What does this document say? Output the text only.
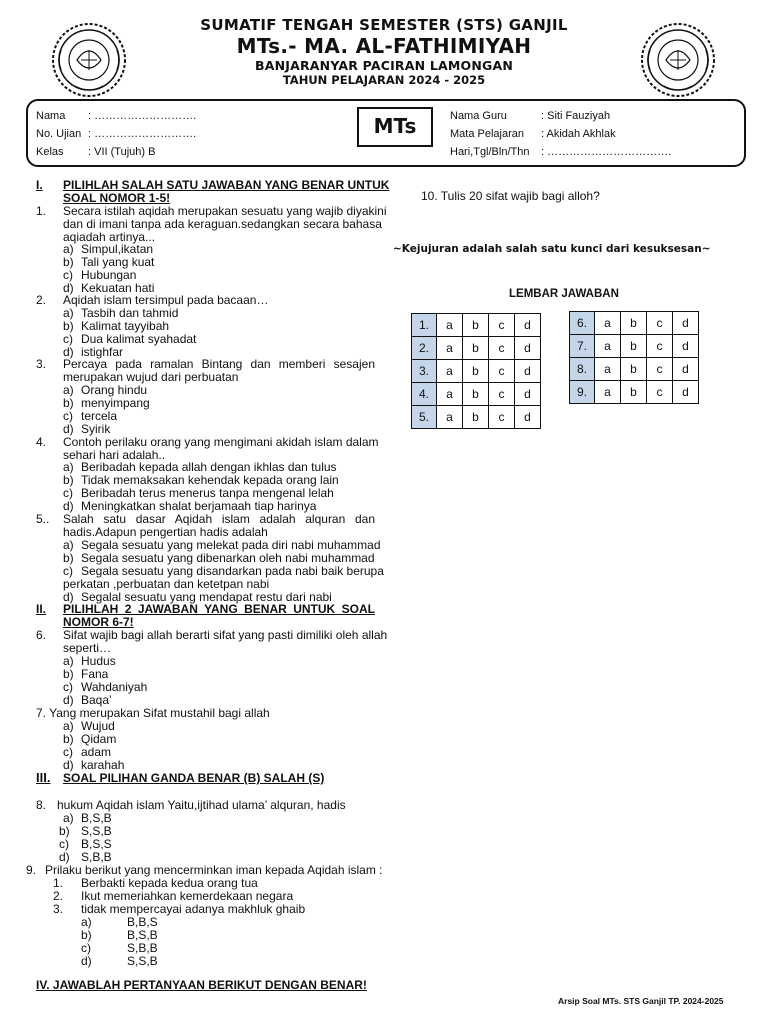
SUMATIF TENGAH SEMESTER (STS) GANJIL
MTs.- MA. AL-FATHIMIYAH
BANJARANYAR PACIRAN LAMONGAN
TAHUN PELAJARAN 2024 - 2025
Nama : ……………………….
No. Ujian : ……………………….
Kelas : VII (Tujuh) B
MTs	Nama Guru	: Siti Fauziyah
Mata Pelajaran : Akidah Akhlak
Hari,Tgl/Bln/Thn : …………………………….
I. PILIHLAH SALAH SATU JAWABAN YANG BENAR UNTUK
SOAL NOMOR 1-5!
1. Secara istilah aqidah merupakan sesuatu yang wajib diyakini
dan di imani tanpa ada keraguan.sedangkan secara bahasa
aqiadah artinya...
a) Simpul,ikatan
b) Tali yang kuat
c) Hubungan
d) Kekuatan hati
2. Aqidah islam tersimpul pada bacaan…
a) Tasbih dan tahmid
b) Kalimat tayyibah
c) Dua kalimat syahadat
d) istighfar
3. Percaya pada ramalan Bintang dan memberi sesajen
merupakan wujud dari perbuatan
a) Orang hindu
b) menyimpang
c) tercela
d) Syirik
4. Contoh perilaku orang yang mengimani akidah islam dalam
sehari hari adalah..
a) Beribadah kepada allah dengan ikhlas dan tulus
b) Tidak memaksakan kehendak kepada orang lain
c) Beribadah terus menerus tanpa mengenal lelah
d) Meningkatkan shalat berjamaah tiap harinya
5.. Salah satu dasar Aqidah islam adalah alquran dan
hadis.Adapun pengertian hadis adalah
a) Segala sesuatu yang melekat pada diri nabi muhammad
b) Segala sesuatu yang dibenarkan oleh nabi muhammad
c) Segala sesuatu yang disandarkan pada nabi baik berupa
perkatan ,perbuatan dan ketetpan nabi
d) Segalal sesuatu yang mendapat restu dari nabi
II. PILIHLAH 2 JAWABAN YANG BENAR UNTUK SOAL
NOMOR 6-7!
6. Sifat wajib bagi allah berarti sifat yang pasti dimiliki oleh allah
seperti…
a) Hudus
b) Fana
c) Wahdaniyah
d) Baqa’
7. Yang merupakan Sifat mustahil bagi allah
a) Wujud
b) Qidam
c) adam
d) karahah
III. SOAL PILIHAN GANDA BENAR (B) SALAH (S)
8. hukum Aqidah islam Yaitu,ijtihad ulama’ alquran, hadis
a) B,S,B
b) S,S,B
c) B,S,S
d) S,B,B
9. Prilaku berikut yang mencerminkan iman kepada Aqidah islam :
1. Berbakti kepada kedua orang tua
2. Ikut memeriahkan kemerdekaan negara
3. tidak mempercayai adanya makhluk ghaib
a)	B,B,S
b)	B,S,B
c)	S,B,B
d)	S,S,B
IV. JAWABLAH PERTANYAAN BERIKUT DENGAN BENAR!
10. Tulis 20 sifat wajib bagi alloh?
~Kejujuran adalah salah satu kunci dari kesuksesan~
LEMBAR JAWABAN
1.	a	b	c	d
2.	a	b	c	d
3.	a	b	c	d
4.	a	b	c	d
5.	a	b	c	d
6.	a	b	c	d
7.	a	b	c	d
8.	a	b	c	d
9.	a	b	c	d
Arsip Soal MTs. STS Ganjil TP. 2024-2025
